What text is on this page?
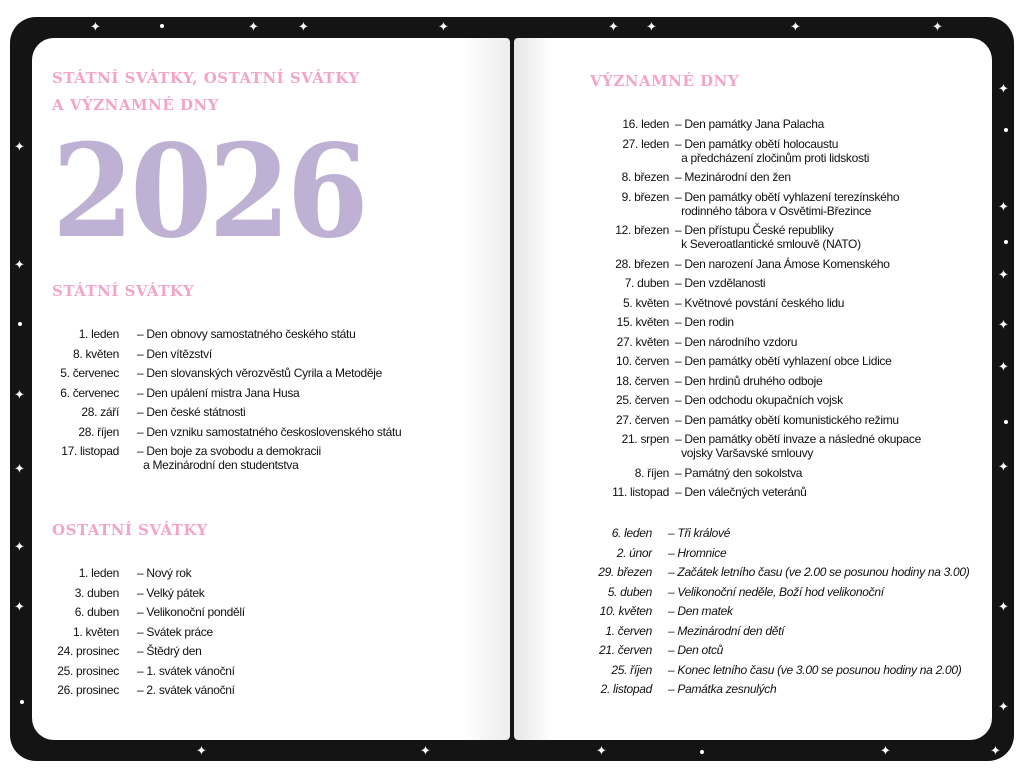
STÁTNÍ SVÁTKY, OSTATNÍ SVÁTKY
A VÝZNAMNÉ DNY
2026
STÁTNÍ SVÁTKY
1. leden – Den obnovy samostatného českého státu
8. květen – Den vítězství
5. červenec – Den slovanských věrozvěstů Cyrila a Metoděje
6. červenec – Den upálení mistra Jana Husa
28. září – Den české státnosti
28. říjen – Den vzniku samostatného československého státu
17. listopad – Den boje za svobodu a demokracii
a Mezinárodní den studentstva
OSTATNÍ SVÁTKY
1. leden – Nový rok
3. duben – Velký pátek
6. duben – Velikonoční pondělí
1. květen – Svátek práce
24. prosinec – Štědrý den
25. prosinec – 1. svátek vánoční
26. prosinec – 2. svátek vánoční
VÝZNAMNÉ DNY
16. leden – Den památky Jana Palacha
27. leden – Den památky obětí holocaustu
a předcházení zločinům proti lidskosti
8. březen – Mezinárodní den žen
9. březen – Den památky obětí vyhlazení terezínského
rodinného tábora v Osvětimi-Březince
12. březen – Den přístupu České republiky
k Severoatlantické smlouvě (NATO)
28. březen – Den narození Jana Ámose Komenského
7. duben – Den vzdělanosti
5. květen – Květnové povstání českého lidu
15. květen – Den rodin
27. květen – Den národního vzdoru
10. červen – Den památky obětí vyhlazení obce Lidice
18. červen – Den hrdinů druhého odboje
25. červen – Den odchodu okupačních vojsk
27. červen – Den památky obětí komunistického režimu
21. srpen – Den památky obětí invaze a následné okupace
vojsky Varšavské smlouvy
8. říjen – Památný den sokolstva
11. listopad – Den válečných veteránů
6. leden – Tři králové
2. únor – Hromnice
29. březen – Začátek letního času (ve 2.00 se posunou hodiny na 3.00)
5. duben – Velikonoční neděle, Boží hod velikonoční
10. květen – Den matek
1. červen – Mezinárodní den dětí
21. červen – Den otců
25. říjen – Konec letního času (ve 3.00 se posunou hodiny na 2.00)
2. listopad – Památka zesnulých
✦	✦	✦	✦	✦ ✦	✦	✦
✦
✦
✦
✦
✦
✦
✦
✦
✦
✦
✦
✦
✦
✦
✦	✦	✦	✦	✦
